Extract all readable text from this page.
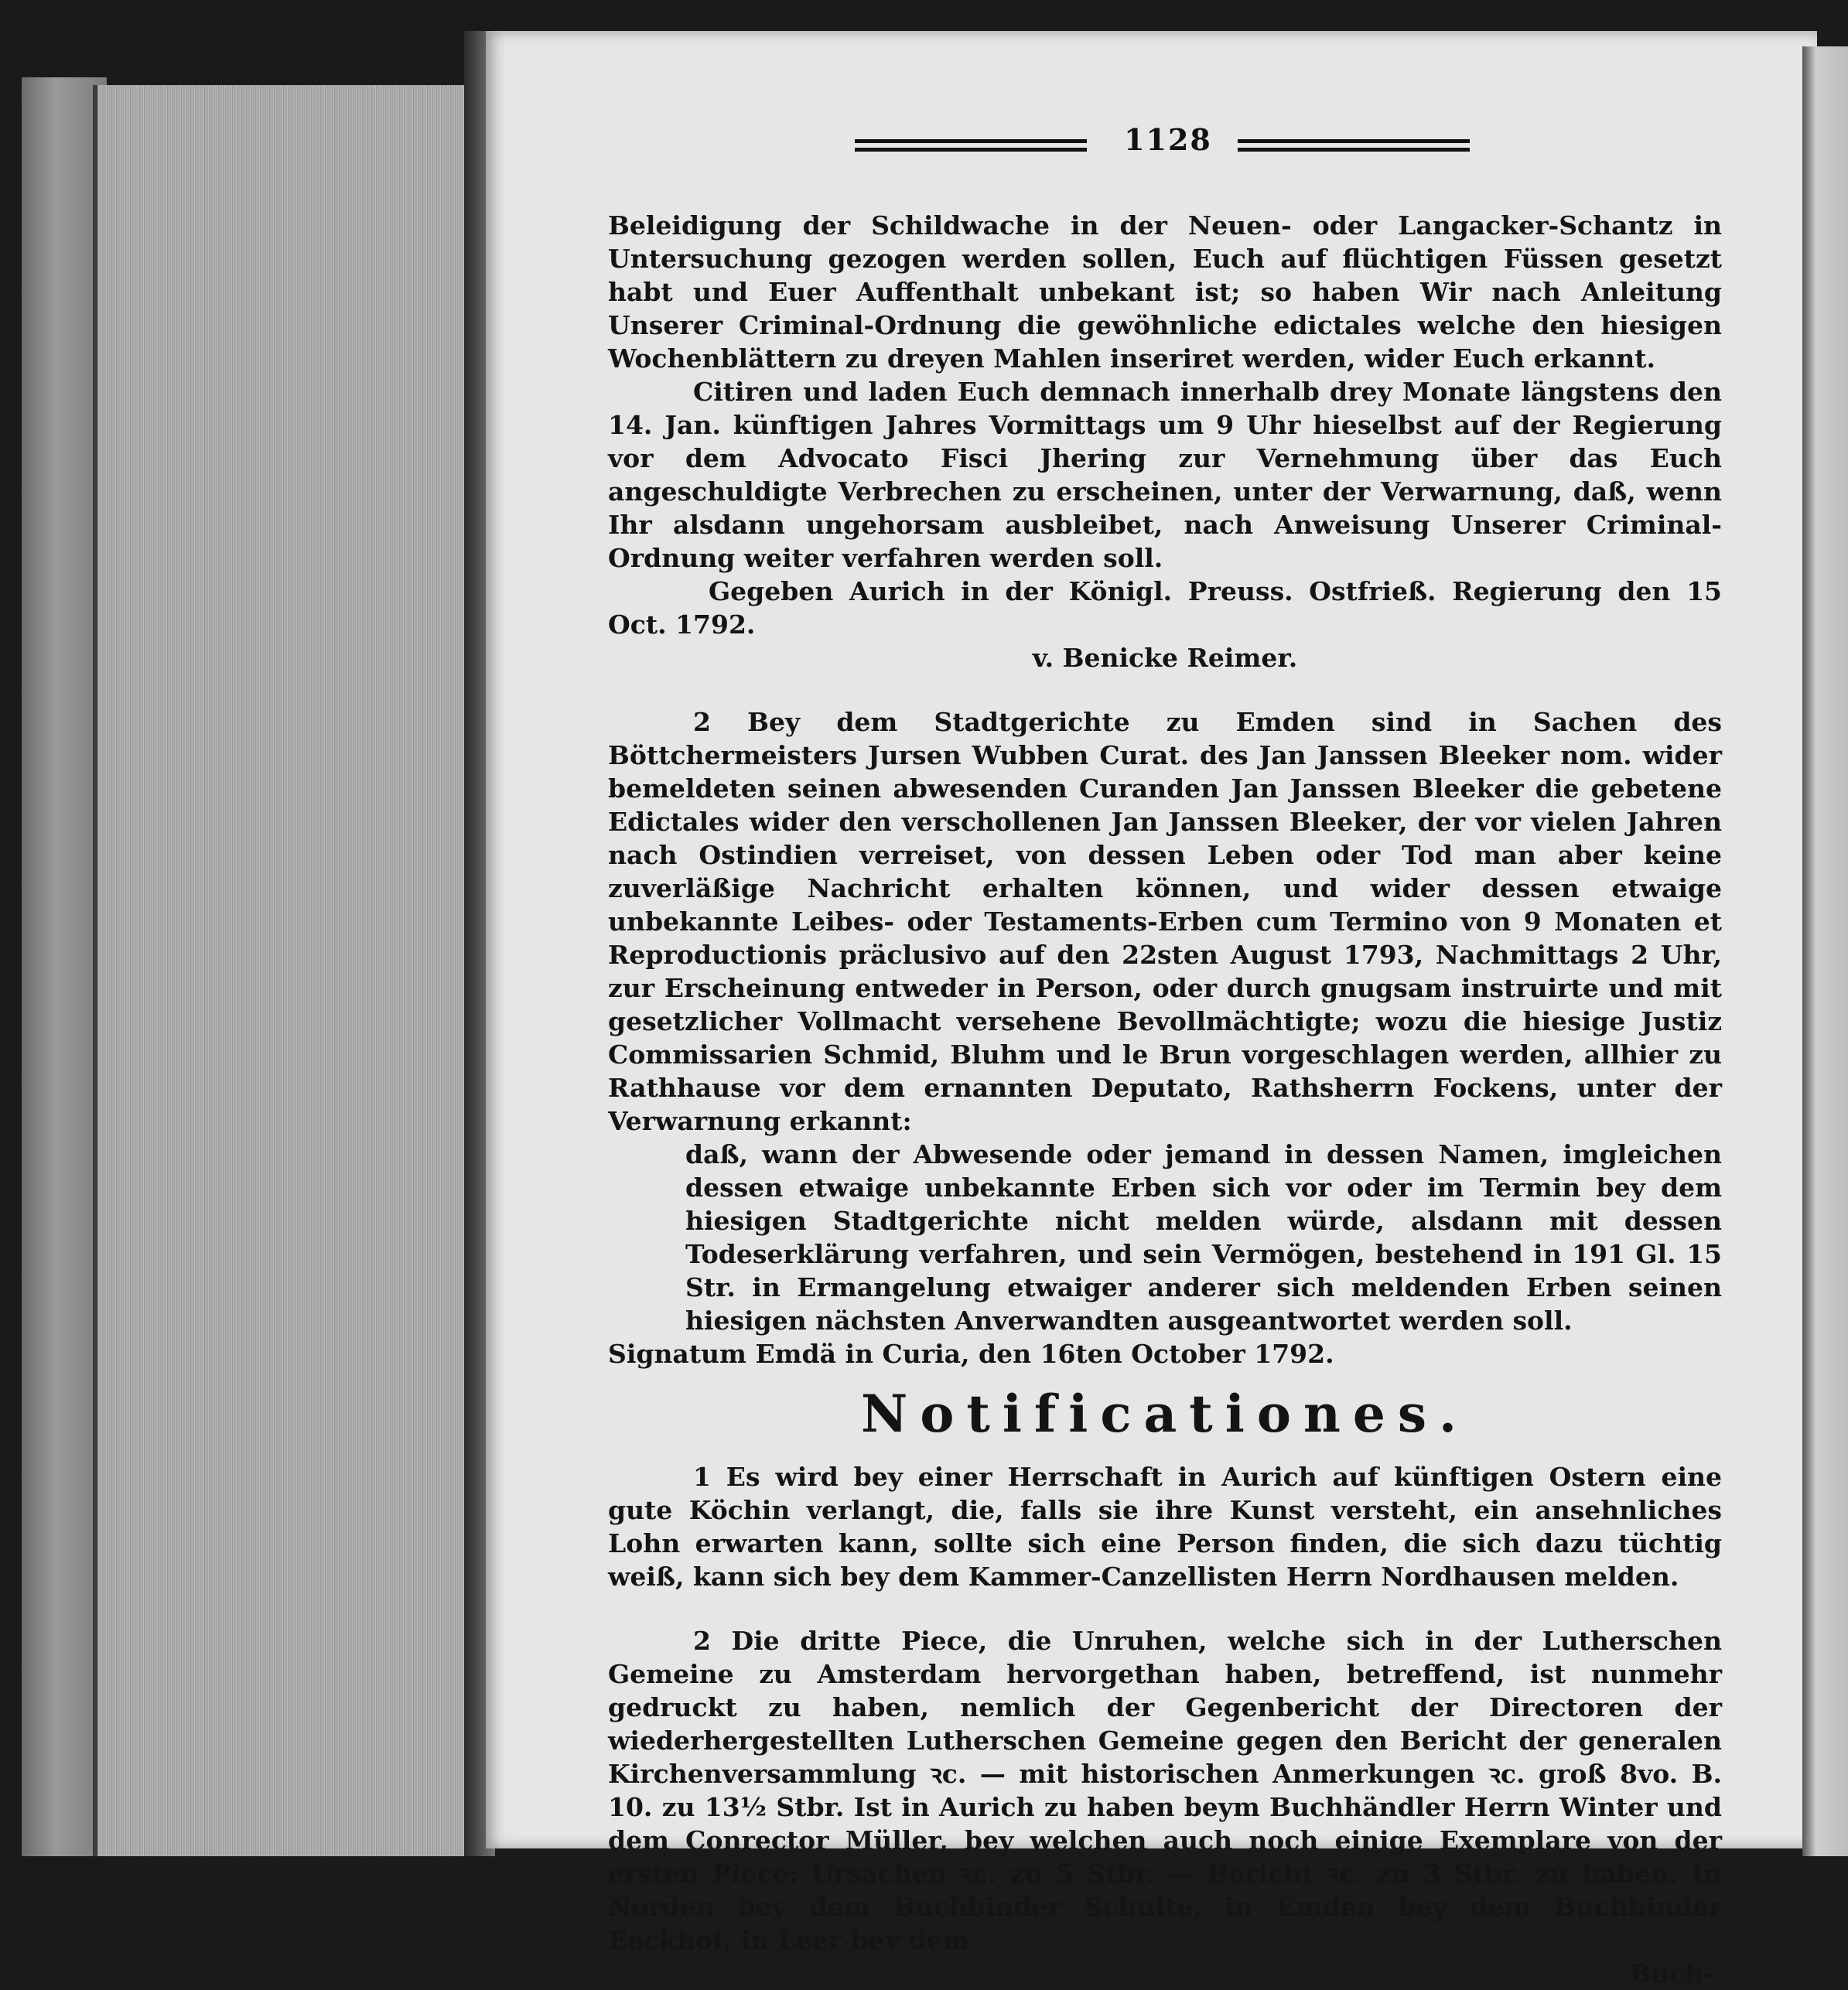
1128

Beleidigung der Schildwache in der Neuen- oder Langacker-Schantz in Untersuchung gezogen werden sollen, Euch auf flüchtigen Füssen gesetzt habt und Euer Auffenthalt unbekant ist; so haben Wir nach Anleitung Unserer Criminal-Ordnung die gewöhnliche edictales welche den hiesigen Wochenblättern zu dreyen Mahlen inseriret werden, wider Euch erkannt.

Citiren und laden Euch demnach innerhalb drey Monate längstens den 14. Jan. künftigen Jahres Vormittags um 9 Uhr hieselbst auf der Regierung vor dem Advocato Fisci Jhering zur Vernehmung über das Euch angeschuldigte Verbrechen zu erscheinen, unter der Verwarnung, daß, wenn Ihr alsdann ungehorsam ausbleibet, nach Anweisung Unserer Criminal-Ordnung weiter verfahren werden soll.

Gegeben Aurich in der Königl. Preuss. Ostfrieß. Regierung den 15 Oct. 1792.

v. Benicke Reimer.

2 Bey dem Stadtgerichte zu Emden sind in Sachen des Böttchermeisters Jursen Wubben Curat. des Jan Janssen Bleeker nom. wider bemeldeten seinen abwesenden Curanden Jan Janssen Bleeker die gebetene Edictales wider den verschollenen Jan Janssen Bleeker, der vor vielen Jahren nach Ostindien verreiset, von dessen Leben oder Tod man aber keine zuverläßige Nachricht erhalten können, und wider dessen etwaige unbekannte Leibes- oder Testaments-Erben cum Termino von 9 Monaten et Reproductionis präclusivo auf den 22sten August 1793, Nachmittags 2 Uhr, zur Erscheinung entweder in Person, oder durch gnugsam instruirte und mit gesetzlicher Vollmacht versehene Bevollmächtigte; wozu die hiesige Justiz Commissarien Schmid, Bluhm und le Brun vorgeschlagen werden, allhier zu Rathhause vor dem ernannten Deputato, Rathsherrn Fockens, unter der Verwarnung erkannt:

daß, wann der Abwesende oder jemand in dessen Namen, imgleichen dessen etwaige unbekannte Erben sich vor oder im Termin bey dem hiesigen Stadtgerichte nicht melden würde, alsdann mit dessen Todeserklärung verfahren, und sein Vermögen, bestehend in 191 Gl. 15 Str. in Ermangelung etwaiger anderer sich meldenden Erben seinen hiesigen nächsten Anverwandten ausgeantwortet werden soll.

Signatum Emdä in Curia, den 16ten October 1792.

Notificationes.

1 Es wird bey einer Herrschaft in Aurich auf künftigen Ostern eine gute Köchin verlangt, die, falls sie ihre Kunst versteht, ein ansehnliches Lohn erwarten kann, sollte sich eine Person finden, die sich dazu tüchtig weiß, kann sich bey dem Kammer-Canzellisten Herrn Nordhausen melden.

2 Die dritte Piece, die Unruhen, welche sich in der Lutherschen Gemeine zu Amsterdam hervorgethan haben, betreffend, ist nunmehr gedruckt zu haben, nemlich der Gegenbericht der Directoren der wiederhergestellten Lutherschen Gemeine gegen den Bericht der generalen Kirchenversammlung ꝛc. — mit historischen Anmerkungen ꝛc. groß 8vo. B. 10. zu 13½ Stbr. Ist in Aurich zu haben beym Buchhändler Herrn Winter und dem Conrector Müller, bey welchen auch noch einige Exemplare von der ersten Piece: Ursachen ꝛc. zu 5 Stbr. — Bericht ꝛc. zu 3 Stbr. zu haben. In Norden bey dem Buchbinder Schulte, in Emden bey dem Buchbinder Eeckhof, in Leer bey dem

Buch-
